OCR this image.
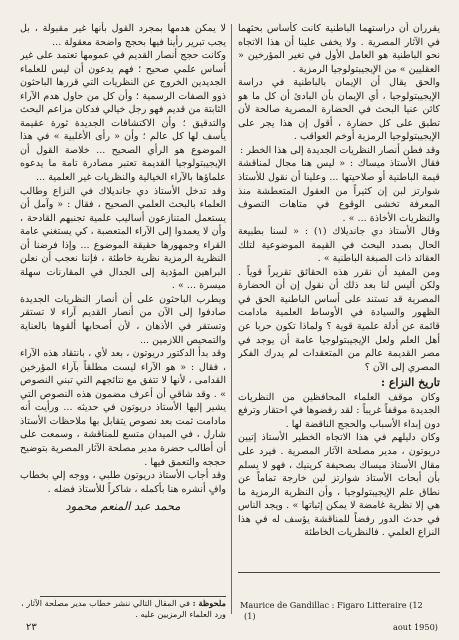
يقرران أن دراستهما الباطنية كانت كأساس بحثهما في الآثار المصرية . ولا يخفى علينا أن هذا الاتجاه نحو الباطنية هو العامل الأول في تغير المؤرخين « العقليين » من الإيجيبتولوجيا الرمزية .

والحق يقال أن الإيمان بالباطنية في دراسة الإيجيبتولوجيا ، أي الإيمان بأن البادئ أن كل ما هو كائن عنيا البحث في الحضارة المصرية صالحة لأن تطبق على كل حضارة ، أقول إن هذا يجر على الإيجيبتولوجيا الرمزية أوخم العواقب .

وقد فطن أنصار النظريات الجديدة إلى هذا الخطر :

فقال الأستاذ ميساك : « ليس هنا مجال لمناقشة قيمة الباطنية أو صلاحيتها ... وعلينا أن نقول للأستاذ شوارتز لبن إن كثيراً من العقول المتعطشة منذ المعرفة تخشى الوقوع في متاهات التصوف والنظريات الأخاذة ... » .

وقال الأستاذ دي جانديلاك (١) : « لسنا بطبيعة الحال بصدد البحث في القيمة الموضوعية لتلك العقائد ذات الصبغة الباطنية » .

ومن المفيد أن نقرر هذه الحقائق تقريراً قوياً . ولكن أليس لنا بعد ذلك أن نقول إن أن الحضارة المصرية قد تستند على أساس الباطنية الحق في الظهور والسيادة في الأوساط العلمية مادامت قائمة عن أدلة علمية قوية ؟ ولماذا تكون حربا عن أهل العلم ولعل الإيجيبتولوجيا عامة أن يوجد في مصر القديمة عالم من المتعقدات لم يدرك الفكر المصري إلى الآن ؟

تاريخ النزاع :

وكان موقف العلماء المحافظين من النظريات الجديدة موقفاً غريباً : لقد رفضوها في احتقار وترفع دون إبداء الأسباب والحجج الناقضة لها .

وكان دليلهم في هذا الاتجاه الخطير الأستاذ إتيين دريوتون ، مدير مصلحة الآثار المصرية . فيرد على مقال الأستاذ ميساك بصحيفة كرينيك ، فهو لا يسلم بأن أبحاث الأستاذ شوارتز لبن خارجة تماماً عن نطاق علم الإيجيبتولوجيا ، وأن النظرية الرمزية ما هي إلا نظرية غامضة لا يمكن إثباتها » . ويجد الناس في حدث الدور رفضاً للمناقشة يؤسف له في هذا النزاع العلمي . فالنظريات الخاطئة

لا يمكن هدمها بمجرد القول بأنها غير مقبولة ، بل يجب تبرير رأينا فيها بحجج واضحة معقولة ...

وكانت حجج أنصار القديم في عمومها تعتمد على غير أساس علمي صحيح ؛ فهم يدعون أن ليس للعلماء الجديدين الخروج عن النظريات التي قررها الباحثون ذوو الصفات الرسمية ؛ وأن كل من حاول هدم الآراء الثابتة من قديم فهو رجل خيالي فدكان مزاعم البحث والتدقيق ؛ وأن الاكتشافات الجديدة ثورة عقيمة يأسف لها كل عالم ؛ وأن « رأى الأغلبية » في هذا الموضوع هو الرأي الصحيح ... خلاصة القول أن الإيجيبتولوجيا القديمة تعتبر مصادرة تامة ما يدعوه علماؤها بالآراء الخيالية والنظريات غير العلمية ...

وقد تدخل الأستاذ دي جانديلاك في النزاع وطالب العلماء بالبحث العلمي الصحيح ، فقال : « وآمل أن يستعمل المتنازعون أساليب علمية تجنبهم القادحة ، وأن لا يعمدوا إلى الآراء المتعصبة ، كي يستغني عامة القراء وجمهورها حقيقة الموضوع ... وإذا فرضنا أن النظرية الرمزية نظرية خاطئة ، فإننا نعجب أن نعلن البراهين المؤدية إلى الجدال في المقارنات سهلة ميسرة ... » .

ويطرب الباحثون على أن أنصار النظريات الجديدة صادفوا إلى الآن من أنصار القديم آراء لا تستقر وتستقر في الأذهان ، لأن أصحابها ألقوها بالعناية والتمحيص اللازمين ...

وقد بدأ الدكتور دريوتون ، بعد لأي ، بانتقاد هذه الآراء ، فقال : « هو الآراء ليست مطلقاً بآراء المؤرخين القدامى ، لأنها لا تتفق مع نتائجهم التي تبني النصوص » . وقد شاقي أن أعرف مضمون هذه النصوص التي يشير إليها الأستاذ دريوتون في حديثه ... ورأيت أنه مادامت ثمت بعد نصوص يتقابل بها ملاحظات الأستاذ شارل ، في الميدان متسع للمناقشة ، وسمعت على أن أطالب حضرة مدير مصلحة الآثار المصرية بتوضيح حججه والتعمق فيها .

وقد أجاب الأستاذ دريوتون طلبي ، ووجه إلي بخطاب وافٍ أنشره هنا بأكمله ، شاكراً للأستاذ فضله .

محمد عبد المنعم محمود

ملحوظة : في المقال التالي ننشر خطاب مدير مصلحة الآثار ، ورد العلماء الرمزيين عليه .
Maurice de Gandillac : Figaro Litteraire (12 (1)
aout 1950)
٢٣
